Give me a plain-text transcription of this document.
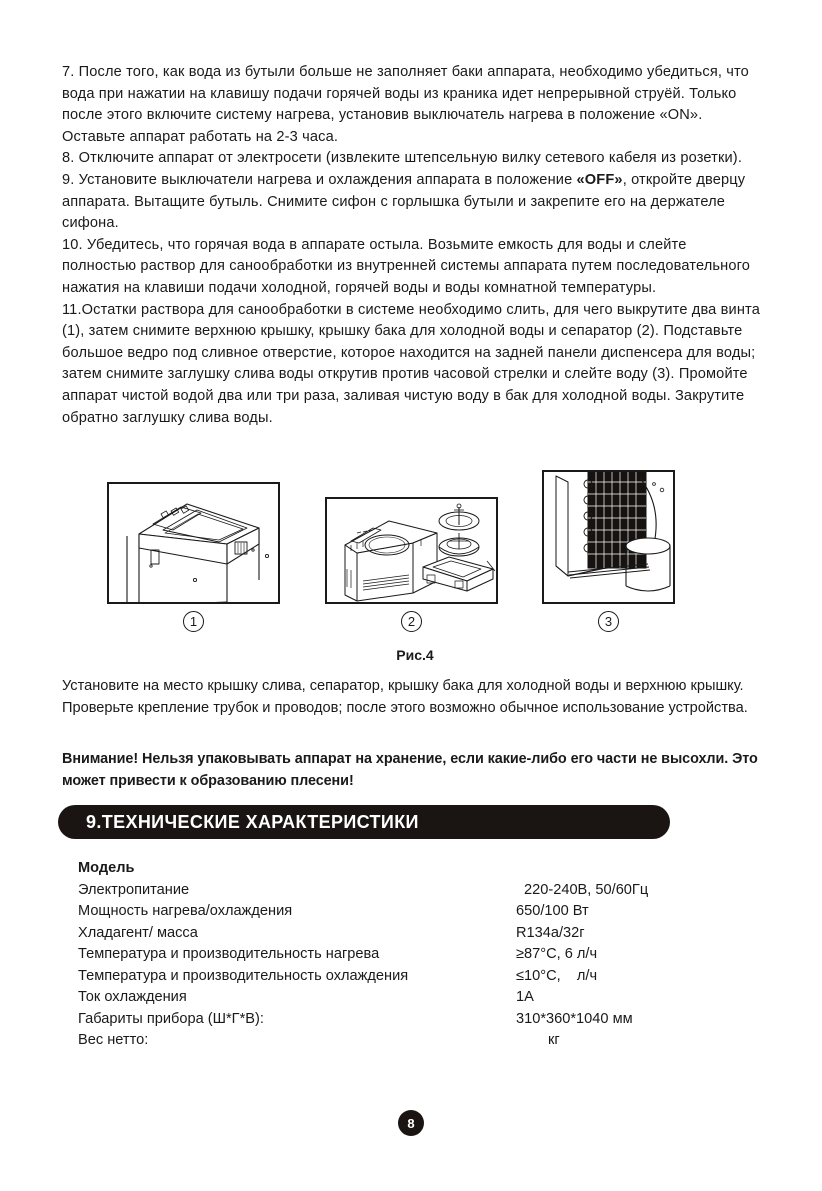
7. После того, как вода из бутыли больше не заполняет баки аппарата, необходимо убедиться, что вода при нажатии на клавишу подачи горячей воды из краника идет непрерывной струёй. Только после этого включите систему нагрева, установив выключатель нагрева в положение «ON». Оставьте аппарат работать на 2-3 часа.

8. Отключите аппарат от электросети (извлеките штепсельную вилку сетевого кабеля из розетки).

9. Установите выключатели нагрева и охлаждения аппарата в положение «OFF», откройте дверцу аппарата. Вытащите бутыль. Снимите сифон с горлышка бутыли и закрепите его на держателе сифона.

10. Убедитесь, что горячая вода в аппарате остыла. Возьмите емкость для воды и слейте полностью раствор для санообработки из внутренней системы аппарата путем последовательного нажатия на клавиши подачи холодной, горячей воды и воды комнатной температуры.

11.Остатки раствора для санообработки в системе необходимо слить, для чего выкрутите два винта (1), затем снимите верхнюю крышку, крышку бака для холодной воды и сепаратор (2). Подставьте большое ведро под сливное отверстие, которое находится на задней панели диспенсера для воды; затем снимите заглушку слива воды открутив против часовой стрелки и слейте воду (3). Промойте аппарат чистой водой два или три раза, заливая чистую воду в бак для холодной воды. Закрутите обратно заглушку слива воды.

1	2	3
Рис.4

Установите на место крышку слива, сепаратор, крышку бака для холодной воды и верхнюю крышку. Проверьте крепление трубок и проводов; после этого возможно обычное использование устройства.

Внимание! Нельзя упаковывать аппарат на хранение, если какие-либо его части не высохли. Это может привести к образованию плесени!

9.ТЕХНИЧЕСКИЕ ХАРАКТЕРИСТИКИ
Модель
Электропитание	220-240В, 50/60Гц
Мощность нагрева/охлаждения	650/100 Вт
Хладагент/ масса	R134a/32г
Температура и производительность нагрева	≥87°С, 6 л/ч
Температура и производительность охлаждения	≤10°С,    л/ч
Ток охлаждения	1А
Габариты прибора (Ш*Г*В):	310*360*1040 мм
Вес нетто:	кг
8
